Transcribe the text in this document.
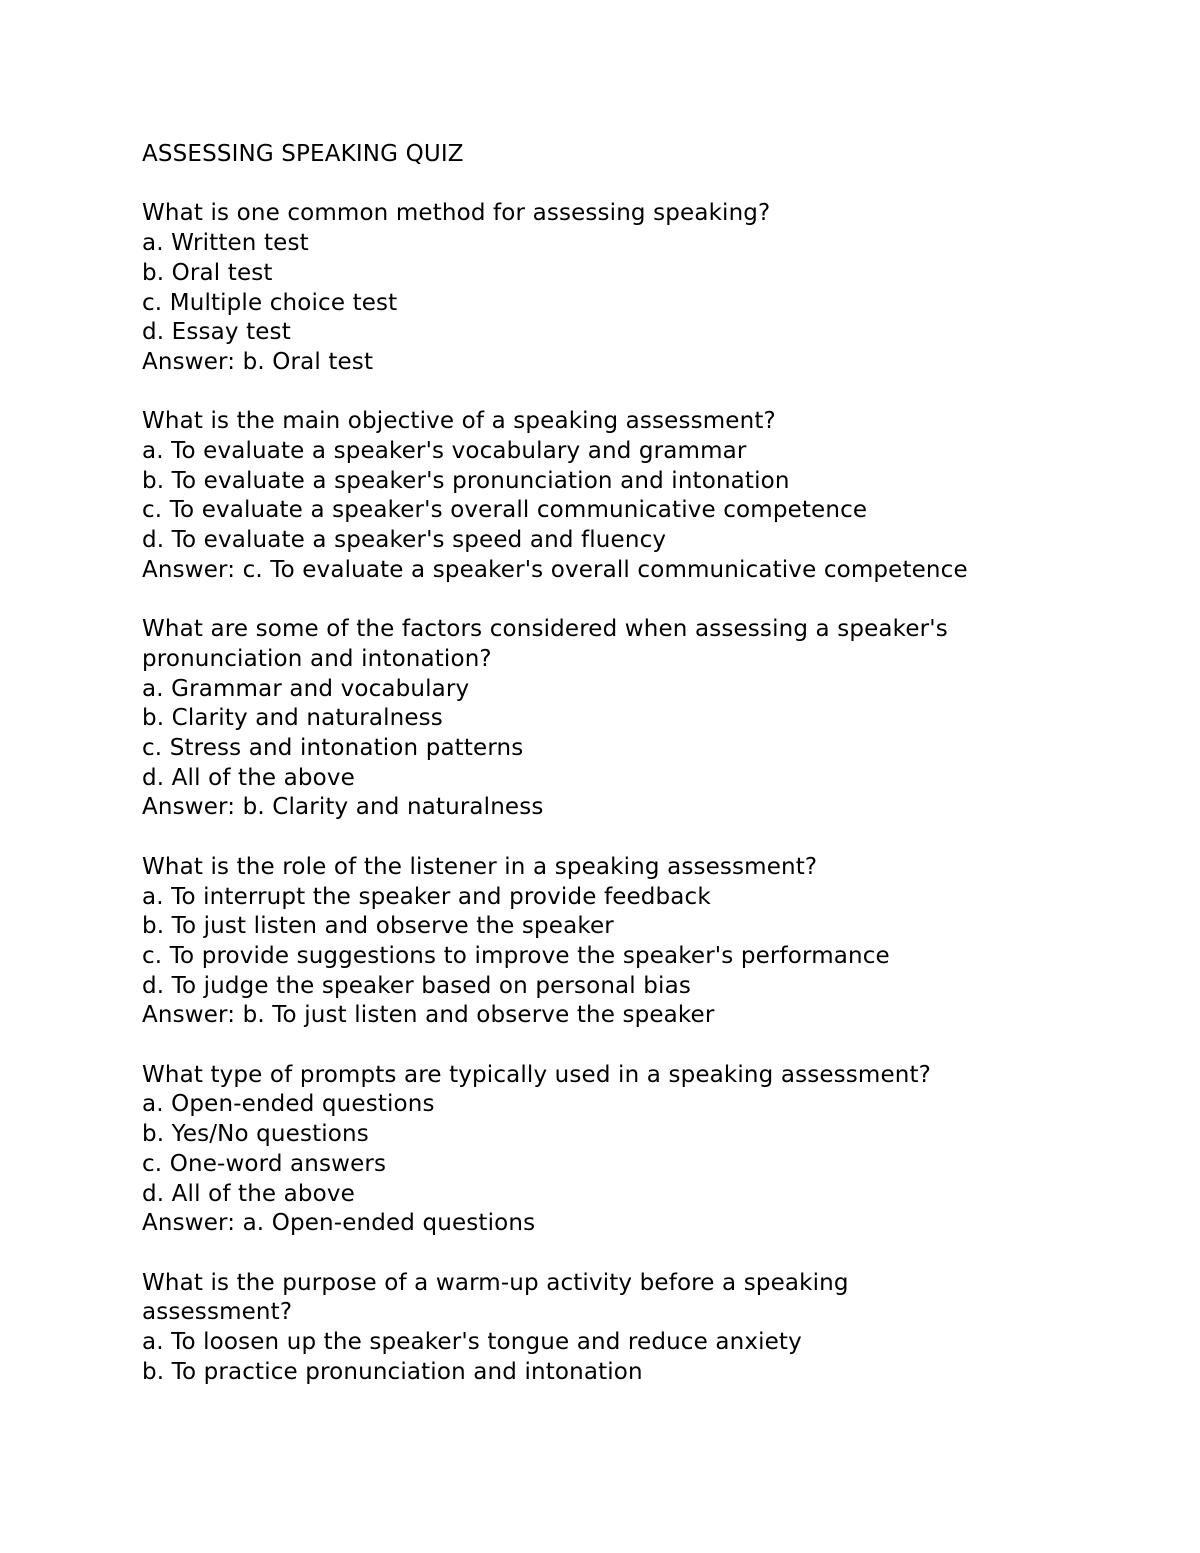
ASSESSING SPEAKING QUIZ

What is one common method for assessing speaking?

a. Written test

b. Oral test

c. Multiple choice test

d. Essay test

Answer: b. Oral test

What is the main objective of a speaking assessment?

a. To evaluate a speaker's vocabulary and grammar

b. To evaluate a speaker's pronunciation and intonation

c. To evaluate a speaker's overall communicative competence

d. To evaluate a speaker's speed and fluency

Answer: c. To evaluate a speaker's overall communicative competence

What are some of the factors considered when assessing a speaker's

pronunciation and intonation?

a. Grammar and vocabulary

b. Clarity and naturalness

c. Stress and intonation patterns

d. All of the above

Answer: b. Clarity and naturalness

What is the role of the listener in a speaking assessment?

a. To interrupt the speaker and provide feedback

b. To just listen and observe the speaker

c. To provide suggestions to improve the speaker's performance

d. To judge the speaker based on personal bias

Answer: b. To just listen and observe the speaker

What type of prompts are typically used in a speaking assessment?

a. Open-ended questions

b. Yes/No questions

c. One-word answers

d. All of the above

Answer: a. Open-ended questions

What is the purpose of a warm-up activity before a speaking

assessment?

a. To loosen up the speaker's tongue and reduce anxiety

b. To practice pronunciation and intonation
